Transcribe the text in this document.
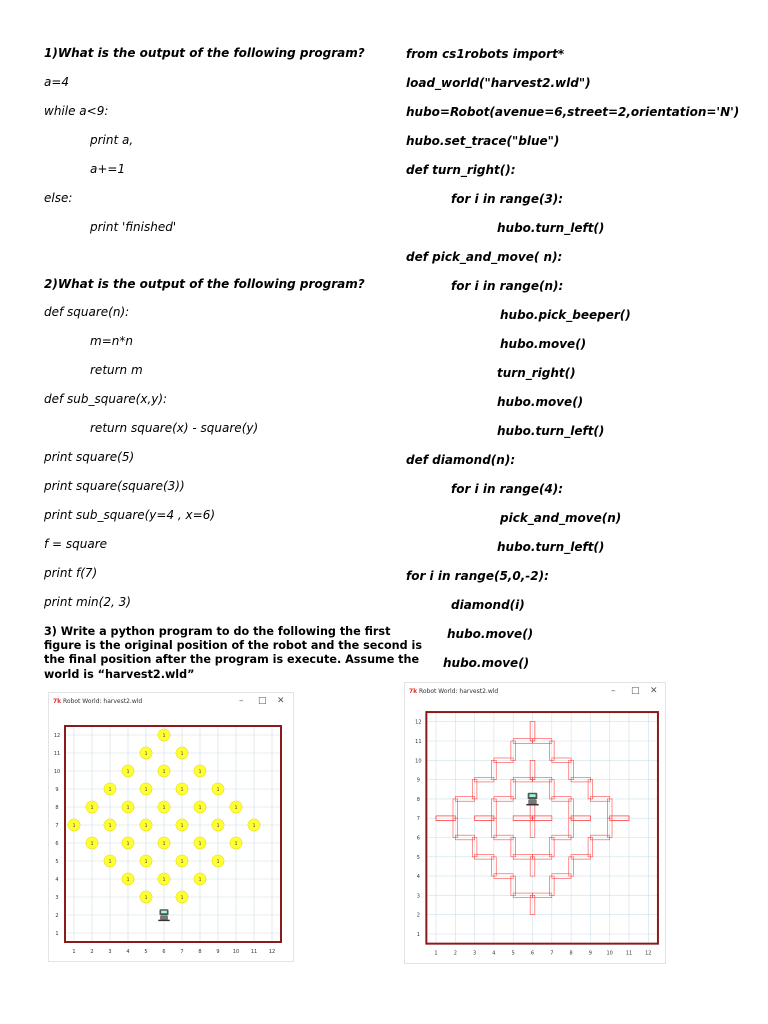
1)What is the output of the following program?
a=4
while a<9:
print a,
a+=1
else:
print 'finished'
2)What is the output of the following program?
def square(n):
m=n*n
return m
def sub_square(x,y):
return square(x) - square(y)
print square(5)
print square(square(3))
print sub_square(y=4 , x=6)
f = square
print f(7)
print min(2, 3)
3) Write a python program to do the following the first
figure is the original position of the robot and the second is
the final position after the program is execute. Assume the
world is “harvest2.wld”
from cs1robots import*
load_world("harvest2.wld")
hubo=Robot(avenue=6,street=2,orientation='N')
hubo.set_trace("blue")
def turn_right():
for i in range(3):
hubo.turn_left()
def pick_and_move( n):
for i in range(n):
hubo.pick_beeper()
hubo.move()
turn_right()
hubo.move()
hubo.turn_left()
def diamond(n):
for i in range(4):
pick_and_move(n)
hubo.turn_left()
for i in range(5,0,-2):
diamond(i)
hubo.move()
hubo.move()
7k Robot World: harvest2.wld	– □ ✕
1
1
2
2
3
3
4
4
5
5
6
6
7
7
8
8
9
9
10
10
11
11
12
12	1
1	1
1	1	1
1	1	1	1
1	1	1	1	1
1	1	1	1	1	1
1	1	1	1	1
1	1	1	1
1	1	1
1	1
7k Robot World: harvest2.wld	– □ ✕
1
1
2
2
3
3
4
4
5
5
6
6
7
7
8
8
9
9
10
10
11
11
12
12
